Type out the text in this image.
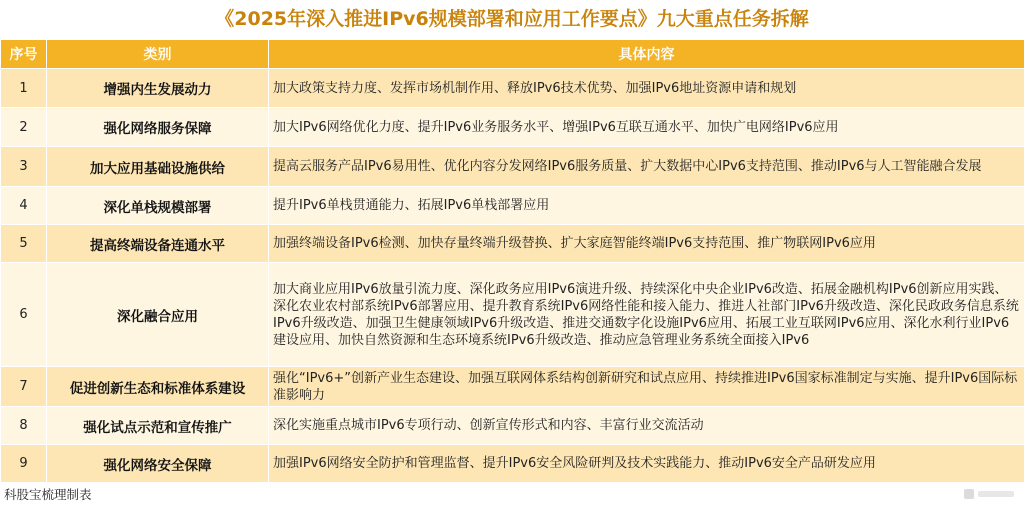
《2025年深入推进IPv6规模部署和应用工作要点》九大重点任务拆解
序号	类别	具体内容
1	增强内生发展动力	加大政策支持力度、发挥市场机制作用、释放IPv6技术优势、加强IPv6地址资源申请和规划
2	强化网络服务保障	加大IPv6网络优化力度、提升IPv6业务服务水平、增强IPv6互联互通水平、加快广电网络IPv6应用
3	加大应用基础设施供给	提高云服务产品IPv6易用性、优化内容分发网络IPv6服务质量、扩大数据中心IPv6支持范围、推动IPv6与人工智能融合发展
4	深化单栈规模部署	提升IPv6单栈贯通能力、拓展IPv6单栈部署应用
5	提高终端设备连通水平	加强终端设备IPv6检测、加快存量终端升级替换、扩大家庭智能终端IPv6支持范围、推广物联网IPv6应用
6	深化融合应用	加大商业应用IPv6放量引流力度、深化政务应用IPv6演进升级、持续深化中央企业IPv6改造、拓展金融机构IPv6创新应用实践、深化农业农村部系统IPv6部署应用、提升教育系统IPv6网络性能和接入能力、推进人社部门IPv6升级改造、深化民政政务信息系统IPv6升级改造、加强卫生健康领域IPv6升级改造、推进交通数字化设施IPv6应用、拓展工业互联网IPv6应用、深化水利行业IPv6建设应用、加快自然资源和生态环境系统IPv6升级改造、推动应急管理业务系统全面接入IPv6
7	促进创新生态和标准体系建设	强化“IPv6+”创新产业生态建设、加强互联网体系结构创新研究和试点应用、持续推进IPv6国家标准制定与实施、提升IPv6国际标准影响力
8	强化试点示范和宣传推广	深化实施重点城市IPv6专项行动、创新宣传形式和内容、丰富行业交流活动
9	强化网络安全保障	加强IPv6网络安全防护和管理监督、提升IPv6安全风险研判及技术实践能力、推动IPv6安全产品研发应用
科股宝梳理制表
